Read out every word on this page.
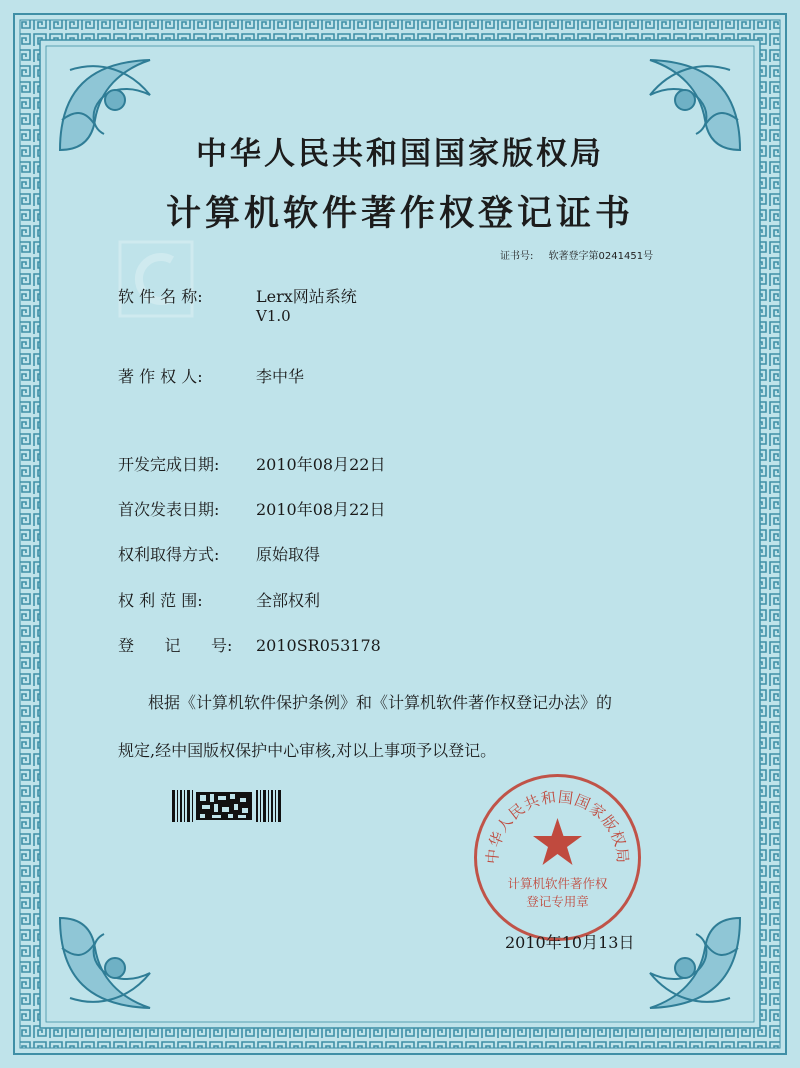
中华人民共和国国家版权局
计算机软件著作权登记证书
证书号: 软著登字第0241451号
软 件 名 称:	Lerx网站系统
V1.0
著 作 权 人:	李中华
开发完成日期: 2010年08月22日
首次发表日期: 2010年08月22日
权利取得方式: 原始取得
权 利 范 围:	全部权利
登      记      号: 2010SR053178
根据《计算机软件保护条例》和《计算机软件著作权登记办法》的
规定,经中国版权保护中心审核,对以上事项予以登记。
中华人民共和国国家版权局
计算机软件著作权
登记专用章
2010年10月13日
